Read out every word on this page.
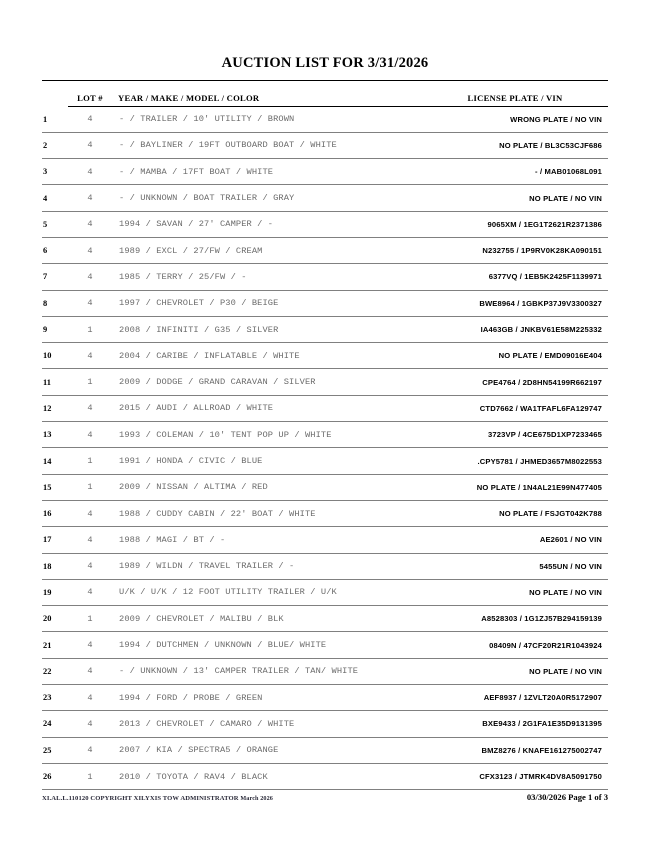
AUCTION LIST FOR 3/31/2026

	LOT #	YEAR / MAKE / MODEL / COLOR	LICENSE PLATE / VIN

1	4	- / TRAILER / 10' UTILITY / BROWN	WRONG PLATE / NO VIN

2	4	- / BAYLINER / 19FT OUTBOARD BOAT / WHITE	NO PLATE / BL3C53CJF686

3	4	- / MAMBA / 17FT BOAT / WHITE	- / MAB01068L091

4	4	- / UNKNOWN / BOAT TRAILER / GRAY	NO PLATE / NO VIN

5	4	1994 / SAVAN / 27' CAMPER / -	9065XM / 1EG1T2621R2371386

6	4	1989 / EXCL / 27/FW / CREAM	N232755 / 1P9RV0K28KA090151

7	4	1985 / TERRY / 25/FW / -	6377VQ / 1EB5K2425F1139971

8	4	1997 / CHEVROLET / P30 / BEIGE	BWE8964 / 1GBKP37J9V3300327

9	1	2008 / INFINITI / G35 / SILVER	IA463GB / JNKBV61E58M225332

10	4	2004 / CARIBE / INFLATABLE / WHITE	NO PLATE / EMD09016E404

11	1	2009 / DODGE / GRAND CARAVAN / SILVER	CPE4764 / 2D8HN54199R662197

12	4	2015 / AUDI / ALLROAD / WHITE	CTD7662 / WA1TFAFL6FA129747

13	4	1993 / COLEMAN / 10' TENT POP UP / WHITE	3723VP / 4CE675D1XP7233465

14	1	1991 / HONDA / CIVIC / BLUE	.CPY5781 / JHMED3657M8022553

15	1	2009 / NISSAN / ALTIMA / RED	NO PLATE / 1N4AL21E99N477405

16	4	1988 / CUDDY CABIN / 22' BOAT / WHITE	NO PLATE / FSJGT042K788

17	4	1988 / MAGI / BT / -	AE2601 / NO VIN

18	4	1989 / WILDN / TRAVEL TRAILER / -	5455UN / NO VIN

19	4	U/K / U/K / 12 FOOT UTILITY TRAILER / U/K	NO PLATE / NO VIN

20	1	2009 / CHEVROLET / MALIBU / BLK	A8528303 / 1G1ZJ57B294159139

21	4	1994 / DUTCHMEN / UNKNOWN / BLUE/ WHITE	08409N / 47CF20R21R1043924

22	4	- / UNKNOWN / 13' CAMPER TRAILER / TAN/ WHITE	NO PLATE / NO VIN

23	4	1994 / FORD / PROBE / GREEN	AEF8937 / 1ZVLT20A0R5172907

24	4	2013 / CHEVROLET / CAMARO / WHITE	BXE9433 / 2G1FA1E35D9131395

25	4	2007 / KIA / SPECTRA5 / ORANGE	BMZ8276 / KNAFE161275002747

26	1	2010 / TOYOTA / RAV4 / BLACK	CFX3123 / JTMRK4DV8A5091750
XI.AL.L.110120 COPYRIGHT XILYXIS TOW ADMINISTRATOR March 2026	03/30/2026 Page 1 of 3
